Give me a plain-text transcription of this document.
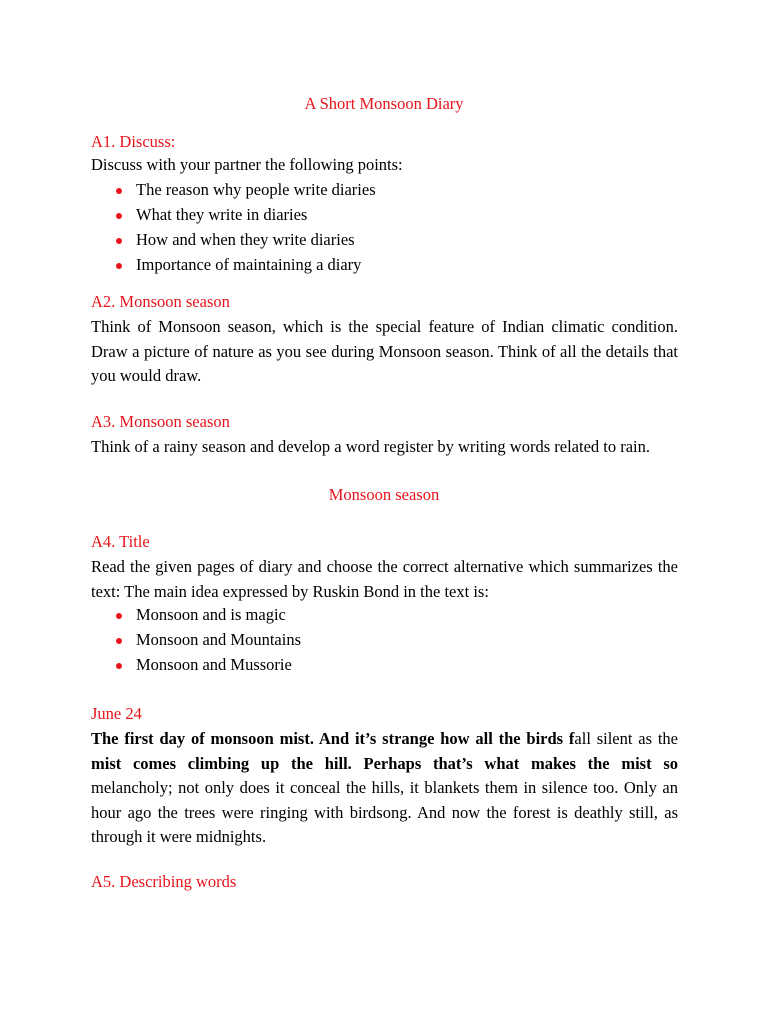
A Short Monsoon Diary
A1. Discuss:
Discuss with your partner the following points:
The reason why people write diaries
What they write in diaries
How and when they write diaries
Importance of maintaining a diary
A2. Monsoon season
Think of Monsoon season, which is the special feature of Indian climatic condition. Draw a picture of nature as you see during Monsoon season. Think of all the details that you would draw.
A3. Monsoon season
Think of a rainy season and develop a word register by writing words related to rain.
Monsoon season
A4. Title
Read the given pages of diary and choose the correct alternative which summarizes the text: The main idea expressed by Ruskin Bond in the text is:
Monsoon and is magic
Monsoon and Mountains
Monsoon and Mussorie
June 24
The first day of monsoon mist. And it’s strange how all the birds fall silent as the
mist comes climbing up the hill. Perhaps that’s what makes the mist so
melancholy; not only does it conceal the hills, it blankets them in silence too. Only an hour ago the trees were ringing with birdsong. And now the forest is deathly still, as through it were midnights.
A5. Describing words
